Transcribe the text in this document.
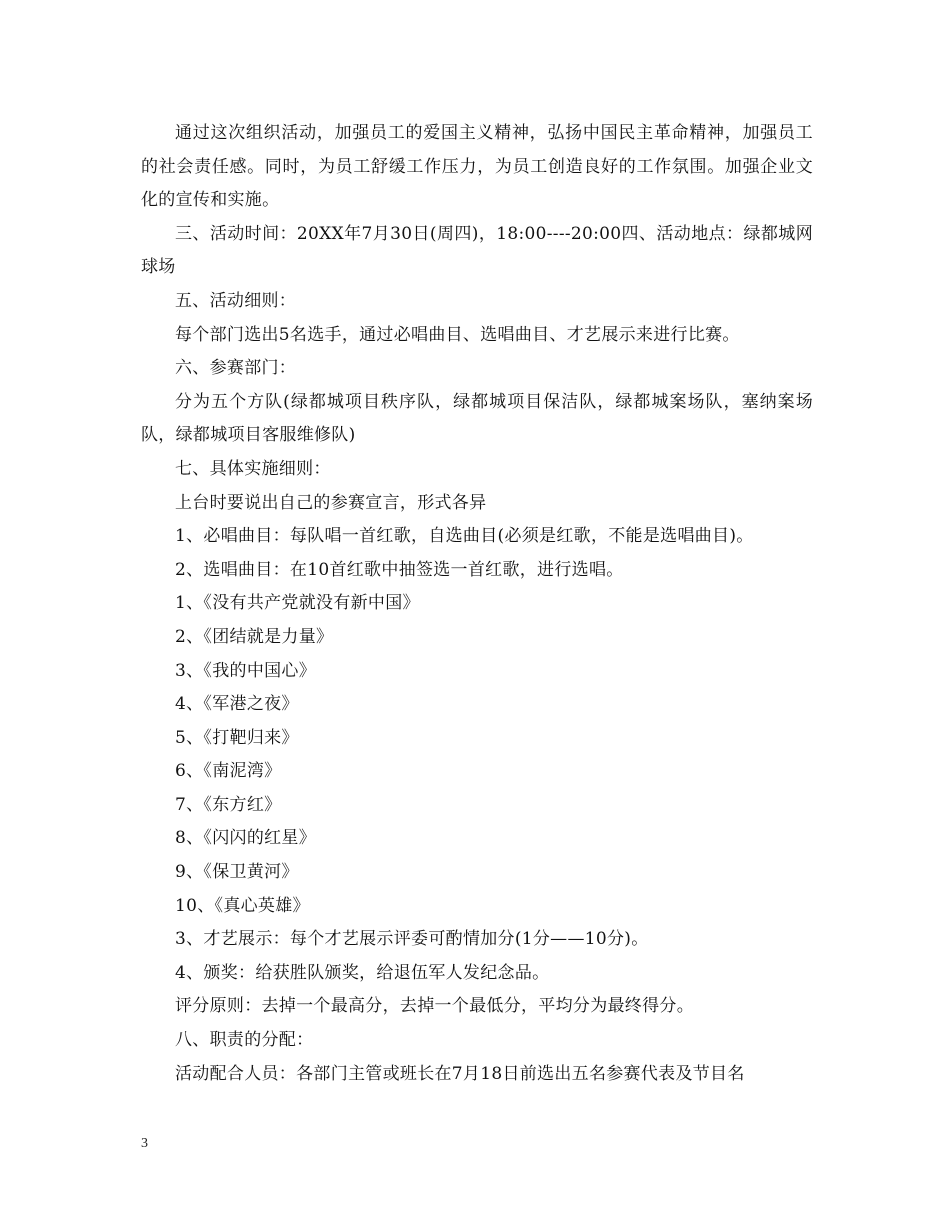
通过这次组织活动，加强员工的爱国主义精神，弘扬中国民主革命精神，加强员工的社会责任感。同时，为员工舒缓工作压力，为员工创造良好的工作氛围。加强企业文化的宣传和实施。

三、活动时间：20XX年7月30日(周四)，18:00----20:00四、活动地点：绿都城网球场

五、活动细则：

每个部门选出5名选手，通过必唱曲目、选唱曲目、才艺展示来进行比赛。

六、参赛部门：

分为五个方队(绿都城项目秩序队，绿都城项目保洁队，绿都城案场队，塞纳案场队，绿都城项目客服维修队)

七、具体实施细则：

上台时要说出自己的参赛宣言，形式各异

1、必唱曲目：每队唱一首红歌，自选曲目(必须是红歌，不能是选唱曲目)。

2、选唱曲目：在10首红歌中抽签选一首红歌，进行选唱。

1、《没有共产党就没有新中国》

2、《团结就是力量》

3、《我的中国心》

4、《军港之夜》

5、《打靶归来》

6、《南泥湾》

7、《东方红》

8、《闪闪的红星》

9、《保卫黄河》

10、《真心英雄》

3、才艺展示：每个才艺展示评委可酌情加分(1分——10分)。

4、颁奖：给获胜队颁奖，给退伍军人发纪念品。

评分原则：去掉一个最高分，去掉一个最低分，平均分为最终得分。

八、职责的分配：

活动配合人员：各部门主管或班长在7月18日前选出五名参赛代表及节目名

3
